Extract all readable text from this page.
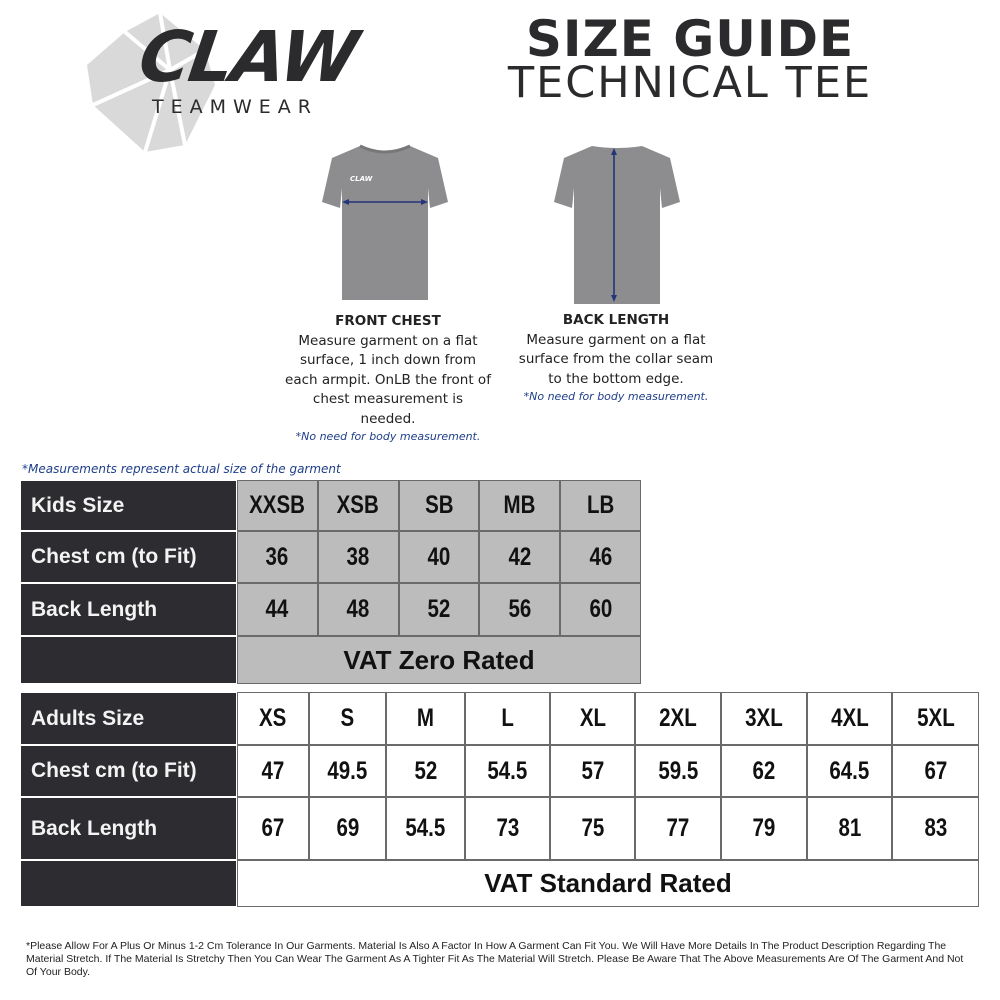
CLAW
TEAMWEAR
SIZE GUIDE
TECHNICAL TEE
CLAW
FRONT CHEST
Measure garment on a flat
surface, 1 inch down from
each armpit. OnLB the front of
chest measurement is
needed.
*No need for body measurement.
BACK LENGTH
Measure garment on a flat
surface from the collar seam
to the bottom edge.
*No need for body measurement.
*Measurements represent actual size of the garment
Kids Size	XXSB XSB SB MB LB
Chest cm (to Fit)	36 38 40 42 46
Back Length	44 48 52 56 60
VAT Zero Rated
Adults Size	XS S	M	L	XL 2XL 3XL 4XL 5XL
Chest cm (to Fit)	47 49.5 52 54.5 57 59.5 62 64.5 67
Back Length	67 69 54.5 73 75	77	79	81	83
VAT Standard Rated
*Please Allow For A Plus Or Minus 1-2 Cm Tolerance In Our Garments. Material Is Also A Factor In How A Garment Can Fit You. We Will Have More Details In The Product Description Regarding The Material Stretch. If The Material Is Stretchy Then You Can Wear The Garment As A Tighter Fit As The Material Will Stretch. Please Be Aware That The Above Measurements Are Of The Garment And Not Of Your Body.
